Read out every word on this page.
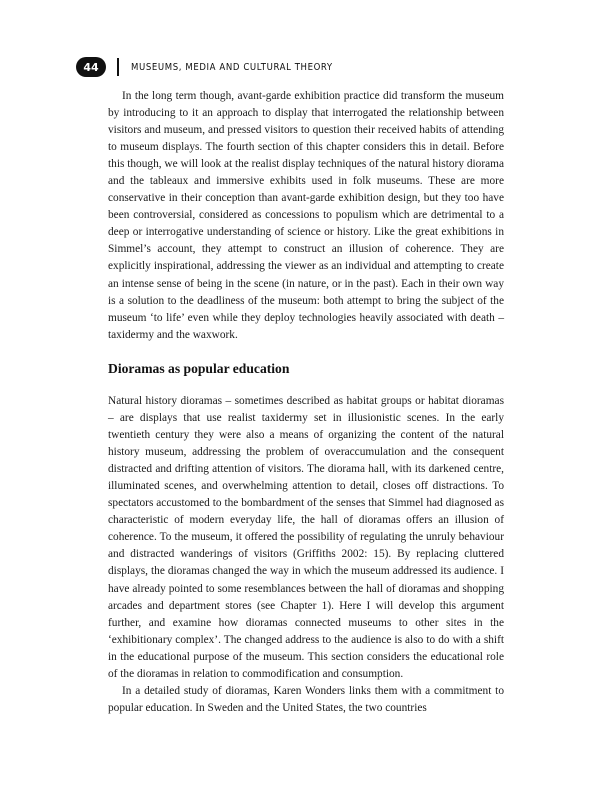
44	MUSEUMS, MEDIA AND CULTURAL THEORY

In the long term though, avant-garde exhibition practice did transform the museum by introducing to it an approach to display that interrogated the relationship between visitors and museum, and pressed visitors to question their received habits of attending to museum displays. The fourth section of this chapter considers this in detail. Before this though, we will look at the realist display techniques of the natural history diorama and the tableaux and immersive exhibits used in folk museums. These are more conservative in their conception than avant-garde exhibition design, but they too have been controversial, considered as concessions to populism which are detrimental to a deep or interrogative understanding of science or history. Like the great exhibitions in Simmel’s account, they attempt to construct an illusion of coherence. They are explicitly inspirational, addressing the viewer as an individual and attempting to create an intense sense of being in the scene (in nature, or in the past). Each in their own way is a solution to the deadliness of the museum: both attempt to bring the subject of the museum ‘to life’ even while they deploy technologies heavily associated with death – taxidermy and the waxwork.

Dioramas as popular education

Natural history dioramas – sometimes described as habitat groups or habitat dioramas – are displays that use realist taxidermy set in illusionistic scenes. In the early twentieth century they were also a means of organizing the content of the natural history museum, addressing the problem of overaccumulation and the consequent distracted and drifting attention of visitors. The diorama hall, with its darkened centre, illuminated scenes, and overwhelming attention to detail, closes off distractions. To spectators accustomed to the bombardment of the senses that Simmel had diagnosed as characteristic of modern everyday life, the hall of dioramas offers an illusion of coherence. To the museum, it offered the possibility of regulating the unruly behaviour and distracted wanderings of visitors (Griffiths 2002: 15). By replacing cluttered displays, the dioramas changed the way in which the museum addressed its audience. I have already pointed to some resemblances between the hall of dioramas and shopping arcades and department stores (see Chapter 1). Here I will develop this argument further, and examine how dioramas connected museums to other sites in the ‘exhibitionary complex’. The changed address to the audience is also to do with a shift in the educational purpose of the museum. This section considers the educational role of the dioramas in relation to commodification and consumption.

In a detailed study of dioramas, Karen Wonders links them with a commitment to popular education. In Sweden and the United States, the two countries
